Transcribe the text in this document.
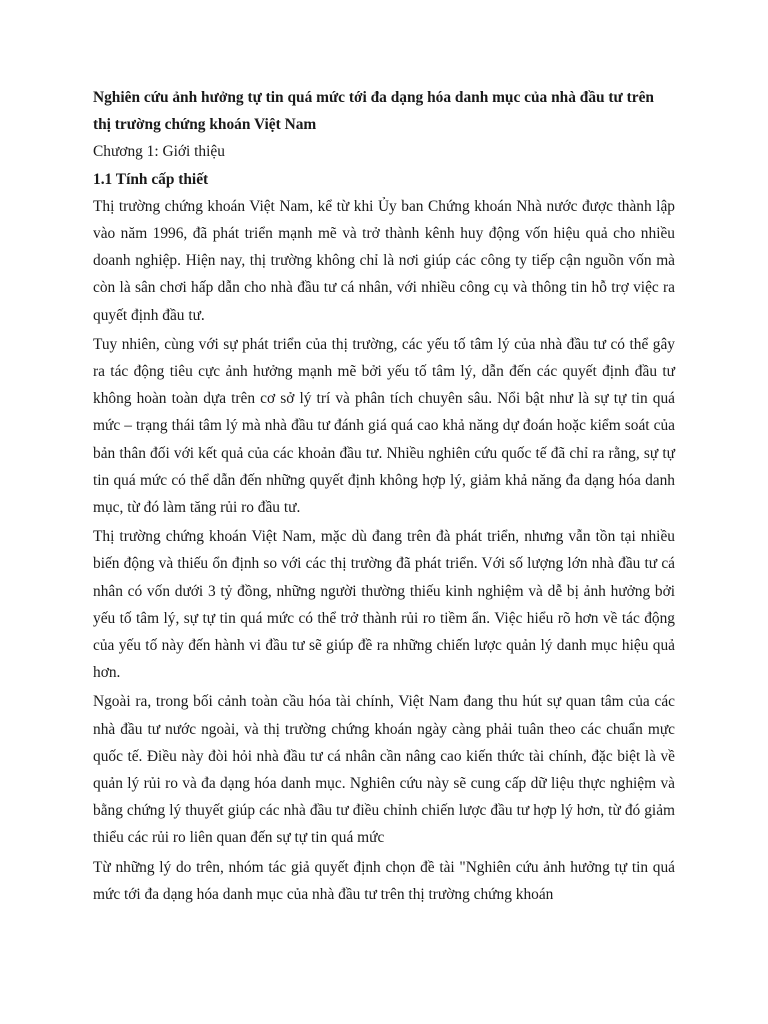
Nghiên cứu ảnh hưởng tự tin quá mức tới đa dạng hóa danh mục của nhà đầu tư trên thị trường chứng khoán Việt Nam

Chương 1: Giới thiệu

1.1 Tính cấp thiết

Thị trường chứng khoán Việt Nam, kể từ khi Ủy ban Chứng khoán Nhà nước được thành lập vào năm 1996, đã phát triển mạnh mẽ và trở thành kênh huy động vốn hiệu quả cho nhiều doanh nghiệp. Hiện nay, thị trường không chỉ là nơi giúp các công ty tiếp cận nguồn vốn mà còn là sân chơi hấp dẫn cho nhà đầu tư cá nhân, với nhiều công cụ và thông tin hỗ trợ việc ra quyết định đầu tư.

Tuy nhiên, cùng với sự phát triển của thị trường, các yếu tố tâm lý của nhà đầu tư có thể gây ra tác động tiêu cực ảnh hưởng mạnh mẽ bởi yếu tố tâm lý, dẫn đến các quyết định đầu tư không hoàn toàn dựa trên cơ sở lý trí và phân tích chuyên sâu. Nổi bật như là sự tự tin quá mức – trạng thái tâm lý mà nhà đầu tư đánh giá quá cao khả năng dự đoán hoặc kiểm soát của bản thân đối với kết quả của các khoản đầu tư. Nhiều nghiên cứu quốc tế đã chỉ ra rằng, sự tự tin quá mức có thể dẫn đến những quyết định không hợp lý, giảm khả năng đa dạng hóa danh mục, từ đó làm tăng rủi ro đầu tư.

Thị trường chứng khoán Việt Nam, mặc dù đang trên đà phát triển, nhưng vẫn tồn tại nhiều biến động và thiếu ổn định so với các thị trường đã phát triển. Với số lượng lớn nhà đầu tư cá nhân có vốn dưới 3 tỷ đồng, những người thường thiếu kinh nghiệm và dễ bị ảnh hưởng bởi yếu tố tâm lý, sự tự tin quá mức có thể trở thành rủi ro tiềm ẩn. Việc hiểu rõ hơn về tác động của yếu tố này đến hành vi đầu tư sẽ giúp đề ra những chiến lược quản lý danh mục hiệu quả hơn.

Ngoài ra, trong bối cảnh toàn cầu hóa tài chính, Việt Nam đang thu hút sự quan tâm của các nhà đầu tư nước ngoài, và thị trường chứng khoán ngày càng phải tuân theo các chuẩn mực quốc tế. Điều này đòi hỏi nhà đầu tư cá nhân cần nâng cao kiến thức tài chính, đặc biệt là về quản lý rủi ro và đa dạng hóa danh mục. Nghiên cứu này sẽ cung cấp dữ liệu thực nghiệm và bằng chứng lý thuyết giúp các nhà đầu tư điều chỉnh chiến lược đầu tư hợp lý hơn, từ đó giảm thiểu các rủi ro liên quan đến sự tự tin quá mức

Từ những lý do trên, nhóm tác giả quyết định chọn đề tài "Nghiên cứu ảnh hưởng tự tin quá mức tới đa dạng hóa danh mục của nhà đầu tư trên thị trường chứng khoán
